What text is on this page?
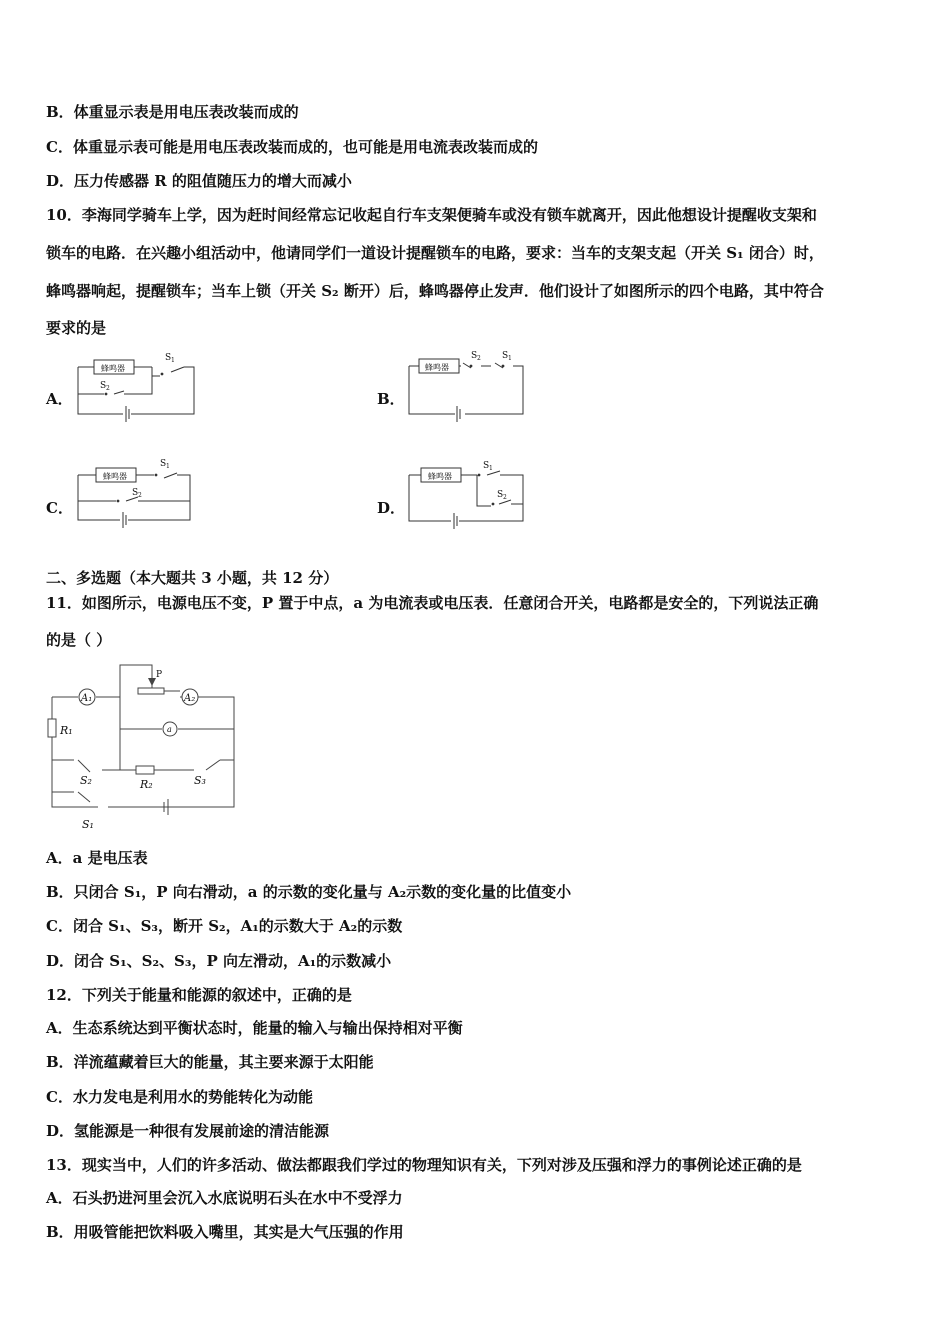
B．体重显示表是用电压表改装而成的
C．体重显示表可能是用电压表改装而成的，也可能是用电流表改装而成的
D．压力传感器 R 的阻值随压力的增大而减小
10．李海同学骑车上学，因为赶时间经常忘记收起自行车支架便骑车或没有锁车就离开，因此他想设计提醒收支架和
锁车的电路．在兴趣小组活动中，他请同学们一道设计提醒锁车的电路，要求：当车的支架支起（开关 S₁ 闭合）时，
蜂鸣器响起，提醒锁车；当车上锁（开关 S₂ 断开）后，蜂鸣器停止发声．他们设计了如图所示的四个电路，其中符合
要求的是
A．
蜂鸣器
S 1
S 2
B．
蜂鸣器
S 2 S 1
C．
蜂鸣器
S 1
S 2
D．
蜂鸣器
S 1
S 2
二、多选题（本大题共 3 小题，共 12 分）
11．如图所示，电源电压不变，P 置于中点，a 为电流表或电压表．任意闭合开关，电路都是安全的，下列说法正确
的是（ ）
A₁	A₂
P
a
R₁
R₂
S₂	S₃
S₁
A．a 是电压表
B．只闭合 S₁，P 向右滑动，a 的示数的变化量与 A₂示数的变化量的比值变小
C．闭合 S₁、S₃，断开 S₂，A₁的示数大于 A₂的示数
D．闭合 S₁、S₂、S₃，P 向左滑动，A₁的示数减小
12．下列关于能量和能源的叙述中，正确的是
A．生态系统达到平衡状态时，能量的输入与输出保持相对平衡
B．洋流蕴藏着巨大的能量，其主要来源于太阳能
C．水力发电是利用水的势能转化为动能
D．氢能源是一种很有发展前途的清洁能源
13．现实当中，人们的许多活动、做法都跟我们学过的物理知识有关，下列对涉及压强和浮力的事例论述正确的是
A．石头扔进河里会沉入水底说明石头在水中不受浮力
B．用吸管能把饮料吸入嘴里，其实是大气压强的作用
